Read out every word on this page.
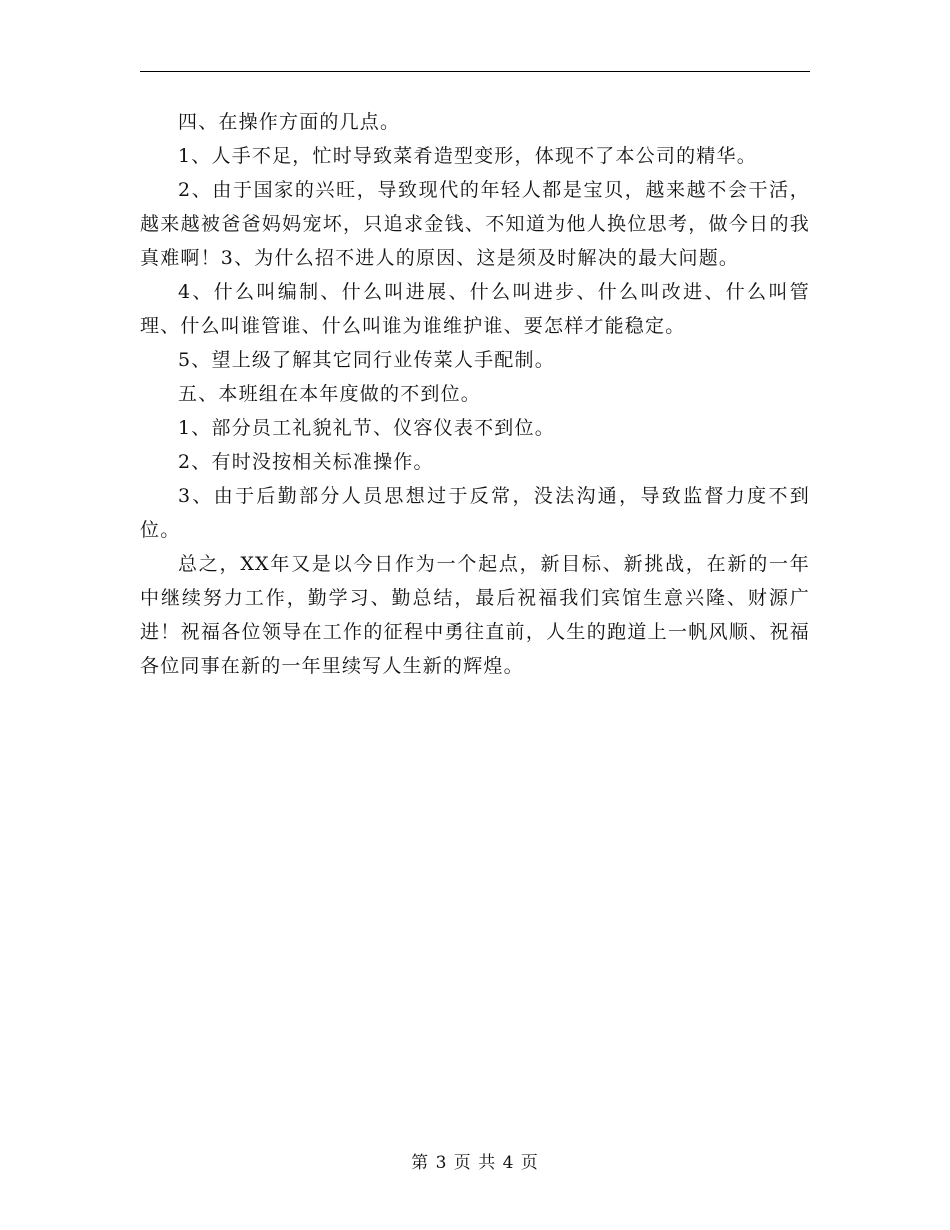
四、在操作方面的几点。

1、人手不足，忙时导致菜肴造型变形，体现不了本公司的精华。

2、由于国家的兴旺，导致现代的年轻人都是宝贝，越来越不会干活，越来越被爸爸妈妈宠坏，只追求金钱、不知道为他人换位思考，做今日的我真难啊！3、为什么招不进人的原因、这是须及时解决的最大问题。

4、什么叫编制、什么叫进展、什么叫进步、什么叫改进、什么叫管理、什么叫谁管谁、什么叫谁为谁维护谁、要怎样才能稳定。

5、望上级了解其它同行业传菜人手配制。

五、本班组在本年度做的不到位。

1、部分员工礼貌礼节、仪容仪表不到位。

2、有时没按相关标准操作。

3、由于后勤部分人员思想过于反常，没法沟通，导致监督力度不到位。

总之，XX年又是以今日作为一个起点，新目标、新挑战，在新的一年中继续努力工作，勤学习、勤总结，最后祝福我们宾馆生意兴隆、财源广进！祝福各位领导在工作的征程中勇往直前，人生的跑道上一帆风顺、祝福各位同事在新的一年里续写人生新的辉煌。

第 3 页 共 4 页
